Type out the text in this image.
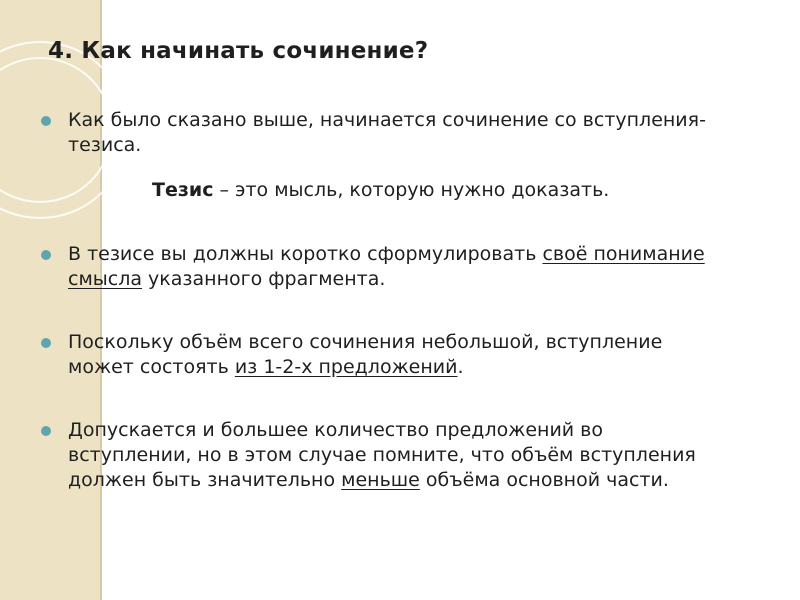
4. Как начинать сочинение?

Как было сказано выше, начинается сочинение со вступления-тезиса.

Тезис – это мысль, которую нужно доказать.

В тезисе вы должны коротко сформулировать своё понимание смысла указанного фрагмента.

Поскольку объём всего сочинения небольшой, вступление может состоять из 1-2-х предложений.

Допускается и большее количество предложений во вступлении, но в этом случае помните, что объём вступления должен быть значительно меньше объёма основной части.
